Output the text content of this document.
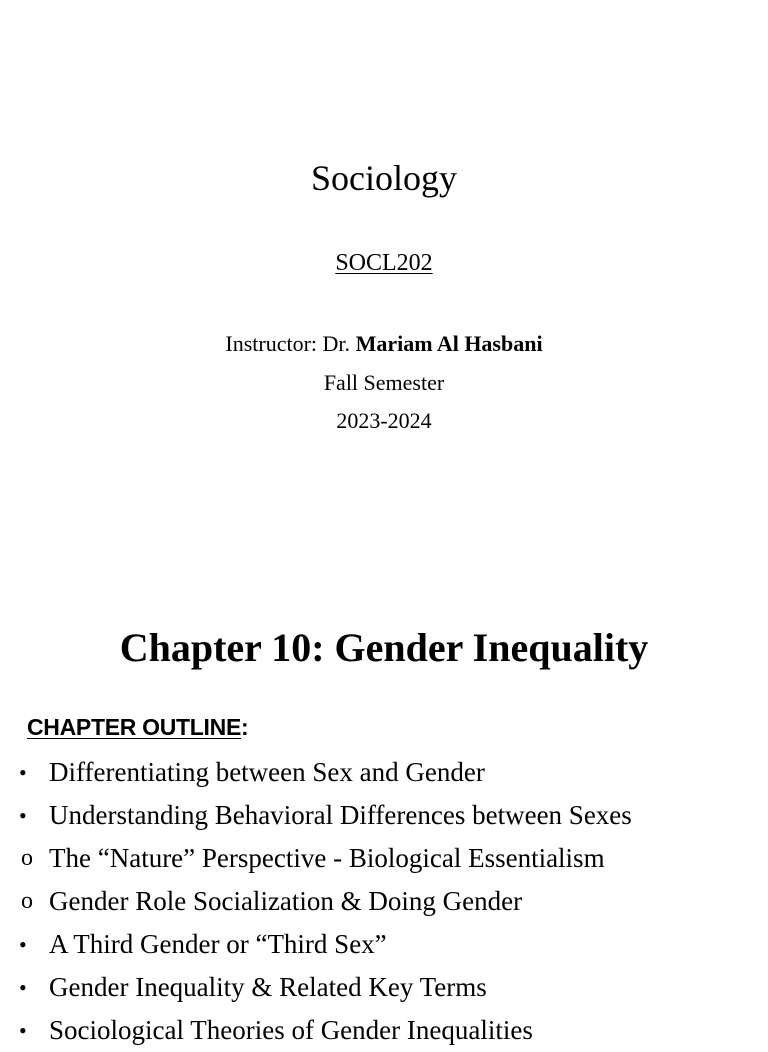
Sociology
SOCL202
Instructor: Dr. Mariam Al Hasbani
Fall Semester
2023-2024
Chapter 10: Gender Inequality
CHAPTER OUTLINE:
• Differentiating between Sex and Gender
• Understanding Behavioral Differences between Sexes
o The “Nature” Perspective - Biological Essentialism
o Gender Role Socialization & Doing Gender
• A Third Gender or “Third Sex”
• Gender Inequality & Related Key Terms
• Sociological Theories of Gender Inequalities
